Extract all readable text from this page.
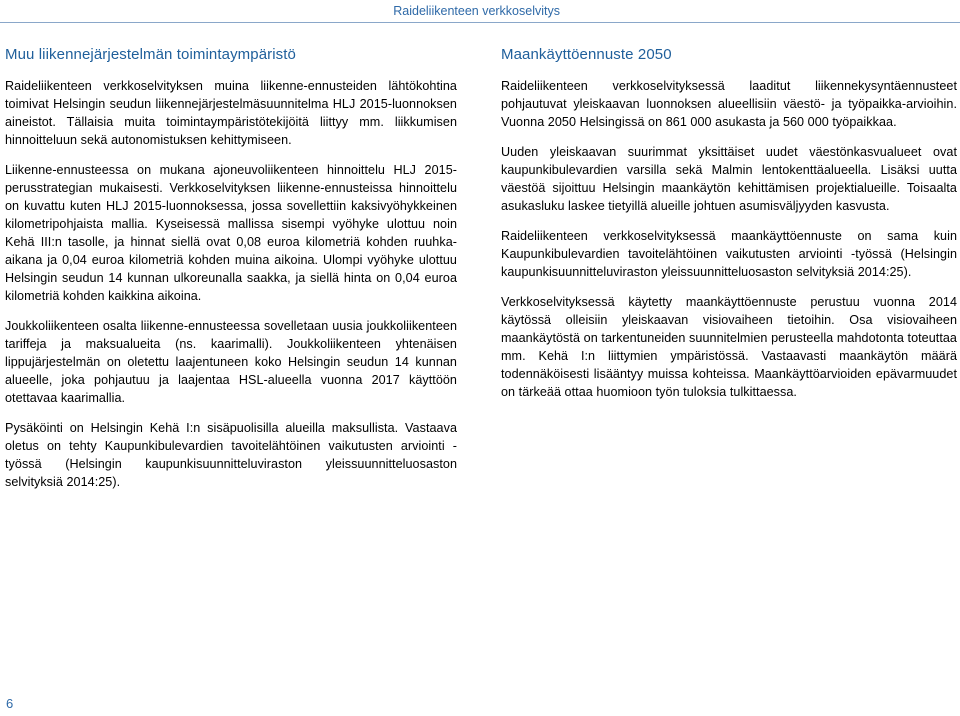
Raideliikenteen verkkoselvitys
Muu liikennejärjestelmän toimintaympäristö

Raideliikenteen verkkoselvityksen muina liikenne-ennusteiden lähtökohtina toimivat Helsingin seudun liikennejärjestelmäsuunnitelma HLJ 2015-luonnoksen aineistot. Tällaisia muita toimintaympäristötekijöitä liittyy mm. liikkumisen hinnoitteluun sekä autonomistuksen kehittymiseen.

Liikenne-ennusteessa on mukana ajoneuvoliikenteen hinnoittelu HLJ 2015-perusstrategian mukaisesti. Verkkoselvityksen liikenne-ennusteissa hinnoittelu on kuvattu kuten HLJ 2015-luonnoksessa, jossa sovellettiin kaksivyöhykkeinen kilometripohjaista mallia. Kyseisessä mallissa sisempi vyöhyke ulottuu noin Kehä III:n tasolle, ja hinnat siellä ovat 0,08 euroa kilometriä kohden ruuhka-aikana ja 0,04 euroa kilometriä kohden muina aikoina. Ulompi vyöhyke ulottuu Helsingin seudun 14 kunnan ulkoreunalla saakka, ja siellä hinta on 0,04 euroa kilometriä kohden kaikkina aikoina.

Joukkoliikenteen osalta liikenne-ennusteessa sovelletaan uusia joukkoliikenteen tariffeja ja maksualueita (ns. kaarimalli). Joukkoliikenteen yhtenäisen lippujärjestelmän on oletettu laajentuneen koko Helsingin seudun 14 kunnan alueelle, joka pohjautuu ja laajentaa HSL-alueella vuonna 2017 käyttöön otettavaa kaarimallia.

Pysäköinti on Helsingin Kehä I:n sisäpuolisilla alueilla maksullista. Vastaava oletus on tehty Kaupunkibulevardien tavoitelähtöinen vaikutusten arviointi -työssä (Helsingin kaupunkisuunnitteluviraston yleissuunnitteluosaston selvityksiä 2014:25).

Maankäyttöennuste 2050

Raideliikenteen verkkoselvityksessä laaditut liikennekysyntäennusteet pohjautuvat yleiskaavan luonnoksen alueellisiin väestö- ja työpaikka-arvioihin. Vuonna 2050 Helsingissä on 861 000 asukasta ja 560 000 työpaikkaa.

Uuden yleiskaavan suurimmat yksittäiset uudet väestönkasvualueet ovat kaupunkibulevardien varsilla sekä Malmin lentokenttäalueella. Lisäksi uutta väestöä sijoittuu Helsingin maankäytön kehittämisen projektialueille. Toisaalta asukasluku laskee tietyillä alueille johtuen asumisväljyyden kasvusta.

Raideliikenteen verkkoselvityksessä maankäyttöennuste on sama kuin Kaupunkibulevardien tavoitelähtöinen vaikutusten arviointi -työssä (Helsingin kaupunkisuunnitteluviraston yleissuunnitteluosaston selvityksiä 2014:25).

Verkkoselvityksessä käytetty maankäyttöennuste perustuu vuonna 2014 käytössä olleisiin yleiskaavan visiovaiheen tietoihin. Osa visiovaiheen maankäytöstä on tarkentuneiden suunnitelmien perusteella mahdotonta toteuttaa mm. Kehä I:n liittymien ympäristössä. Vastaavasti maankäytön määrä todennäköisesti lisääntyy muissa kohteissa. Maankäyttöarvioiden epävarmuudet on tärkeää ottaa huomioon työn tuloksia tulkittaessa.

6
